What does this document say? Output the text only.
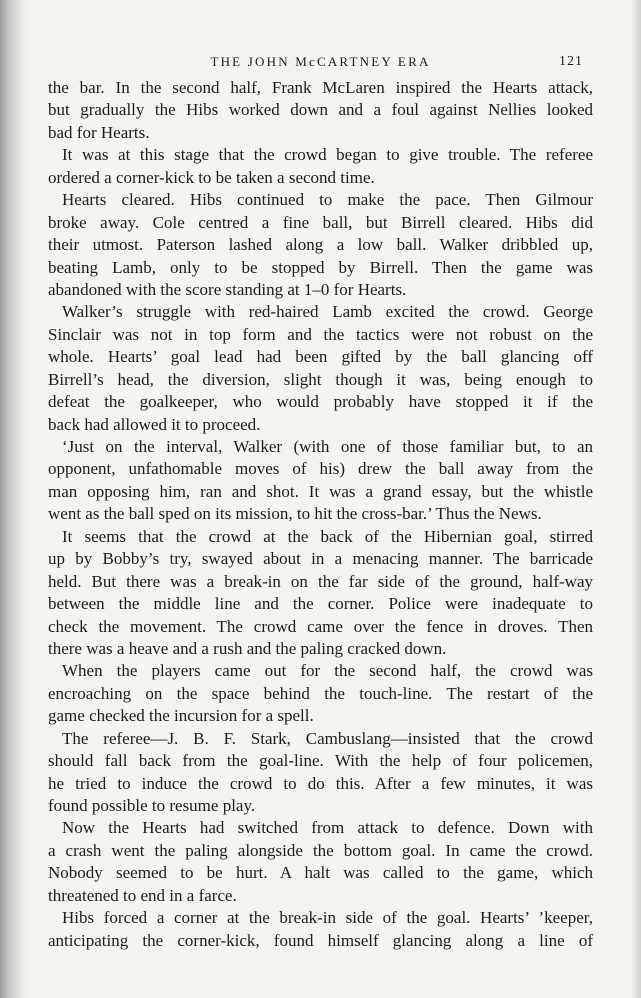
THE JOHN McCARTNEY ERA	121
the bar. In the second half, Frank McLaren inspired the Hearts attack,
but gradually the Hibs worked down and a foul against Nellies looked
bad for Hearts.
It was at this stage that the crowd began to give trouble. The referee
ordered a corner-kick to be taken a second time.
Hearts cleared. Hibs continued to make the pace. Then Gilmour
broke away. Cole centred a fine ball, but Birrell cleared. Hibs did
their utmost. Paterson lashed along a low ball. Walker dribbled up,
beating Lamb, only to be stopped by Birrell. Then the game was
abandoned with the score standing at 1–0 for Hearts.
Walker’s struggle with red-haired Lamb excited the crowd. George
Sinclair was not in top form and the tactics were not robust on the
whole. Hearts’ goal lead had been gifted by the ball glancing off
Birrell’s head, the diversion, slight though it was, being enough to
defeat the goalkeeper, who would probably have stopped it if the
back had allowed it to proceed.
‘Just on the interval, Walker (with one of those familiar but, to an
opponent, unfathomable moves of his) drew the ball away from the
man opposing him, ran and shot. It was a grand essay, but the whistle
went as the ball sped on its mission, to hit the cross-bar.’ Thus the News.
It seems that the crowd at the back of the Hibernian goal, stirred
up by Bobby’s try, swayed about in a menacing manner. The barricade
held. But there was a break-in on the far side of the ground, half-way
between the middle line and the corner. Police were inadequate to
check the movement. The crowd came over the fence in droves. Then
there was a heave and a rush and the paling cracked down.
When the players came out for the second half, the crowd was
encroaching on the space behind the touch-line. The restart of the
game checked the incursion for a spell.
The referee—J. B. F. Stark, Cambuslang—insisted that the crowd
should fall back from the goal-line. With the help of four policemen,
he tried to induce the crowd to do this. After a few minutes, it was
found possible to resume play.
Now the Hearts had switched from attack to defence. Down with
a crash went the paling alongside the bottom goal. In came the crowd.
Nobody seemed to be hurt. A halt was called to the game, which
threatened to end in a farce.
Hibs forced a corner at the break-in side of the goal. Hearts’ ’keeper,
anticipating the corner-kick, found himself glancing along a line of
